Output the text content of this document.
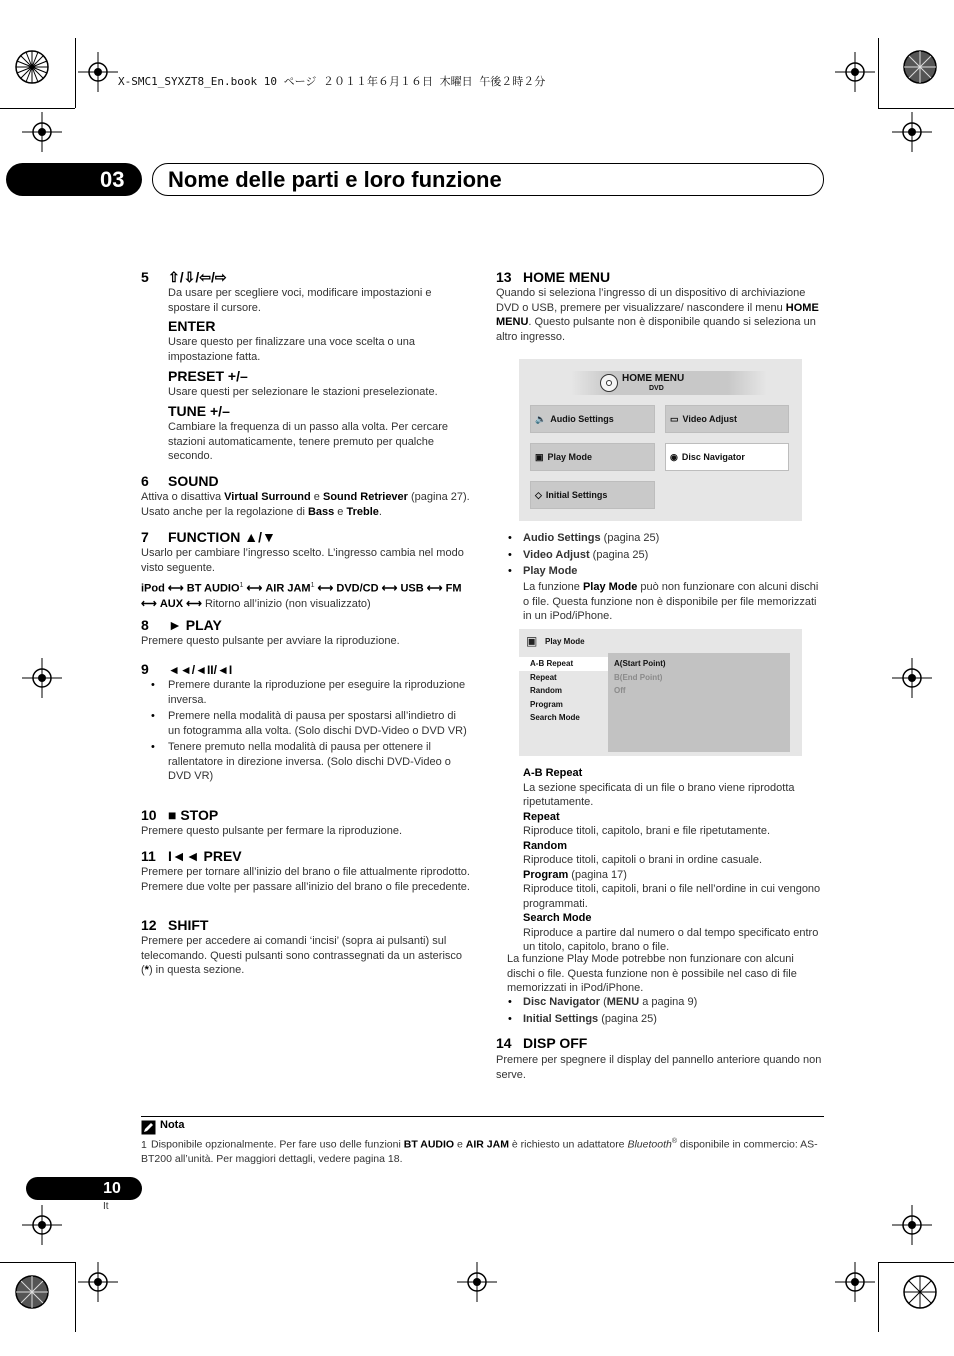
X-SMC1_SYXZT8_En.book 10 ページ ２０１１年６月１６日 木曜日 午後２時２分
03 Nome delle parti e loro funzione
5 ⇧/⇩/⇦/⇨
Da usare per scegliere voci, modificare impostazioni e spostare il cursore.
ENTER
Usare questo per finalizzare una voce scelta o una impostazione fatta.
PRESET +/–
Usare questi per selezionare le stazioni preselezionate.
TUNE +/–
Cambiare la frequenza di un passo alla volta. Per cercare stazioni automaticamente, tenere premuto per qualche secondo.
6 SOUND
Attiva o disattiva Virtual Surround e Sound Retriever (pagina 27). Usato anche per la regolazione di Bass e Treble.
7 FUNCTION ▲/▼
Usarlo per cambiare l’ingresso scelto. L’ingresso cambia nel modo visto seguente.
iPod ⟷ BT AUDIO$^1$ ⟷ AIR JAM$^1$ ⟷ DVD/CD ⟷ USB ⟷ FM ⟷ AUX ⟷ Ritorno all’inizio (non visualizzato)
8 ► PLAY
Premere questo pulsante per avviare la riproduzione.
9 ◄◄/◄II/◄I
• Premere durante la riproduzione per eseguire la riproduzione inversa.
• Premere nella modalità di pausa per spostarsi all’indietro di un fotogramma alla volta. (Solo dischi DVD-Video o DVD VR)
• Tenere premuto nella modalità di pausa per ottenere il rallentatore in direzione inversa. (Solo dischi DVD-Video o DVD VR)
10 ■ STOP
Premere questo pulsante per fermare la riproduzione.
11 I◄◄ PREV
Premere per tornare all’inizio del brano o file attualmente riprodotto. Premere due volte per passare all’inizio del brano o file precedente.
12 SHIFT
Premere per accedere ai comandi ‘incisi’ (sopra ai pulsanti) sul telecomando. Questi pulsanti sono contrassegnati da un asterisco (*) in questa sezione.
13 HOME MENU
Quando si seleziona l’ingresso di un dispositivo di archiviazione DVD o USB, premere per visualizzare/ nascondere il menu HOME MENU. Questo pulsante non è disponibile quando si seleziona un altro ingresso.
HOME MENU
DVD
🔈 Audio Settings	▭ Video Adjust
▣ Play Mode	◉ Disc Navigator
◇ Initial Settings
• Audio Settings (pagina 25)
• Video Adjust (pagina 25)
• Play Mode
La funzione Play Mode può non funzionare con alcuni dischi o file. Questa funzione non è disponibile per file memorizzati in un iPod/iPhone.
▣ Play Mode
A-B Repeat
Repeat
Random
Program
Search Mode
A(Start Point)
B(End Point)
Off
A-B Repeat
La sezione specificata di un file o brano viene riprodotta ripetutamente.
Repeat
Riproduce titoli, capitolo, brani e file ripetutamente.
Random
Riproduce titoli, capitoli o brani in ordine casuale.
Program (pagina 17)
Riproduce titoli, capitoli, brani o file nell’ordine in cui vengono programmati.
Search Mode
Riproduce a partire dal numero o dal tempo specificato entro un titolo, capitolo, brano o file.
La funzione Play Mode potrebbe non funzionare con alcuni dischi o file. Questa funzione non è possibile nel caso di file memorizzati in iPod/iPhone.
• Disc Navigator (MENU a pagina 9)
• Initial Settings (pagina 25)
14 DISP OFF
Premere per spegnere il display del pannello anteriore quando non serve.
Nota
1 Disponibile opzionalmente. Per fare uso delle funzioni BT AUDIO e AIR JAM è richiesto un adattatore Bluetooth® disponibile in commercio: AS-BT200 all’unità. Per maggiori dettagli, vedere pagina 18.
10
It
